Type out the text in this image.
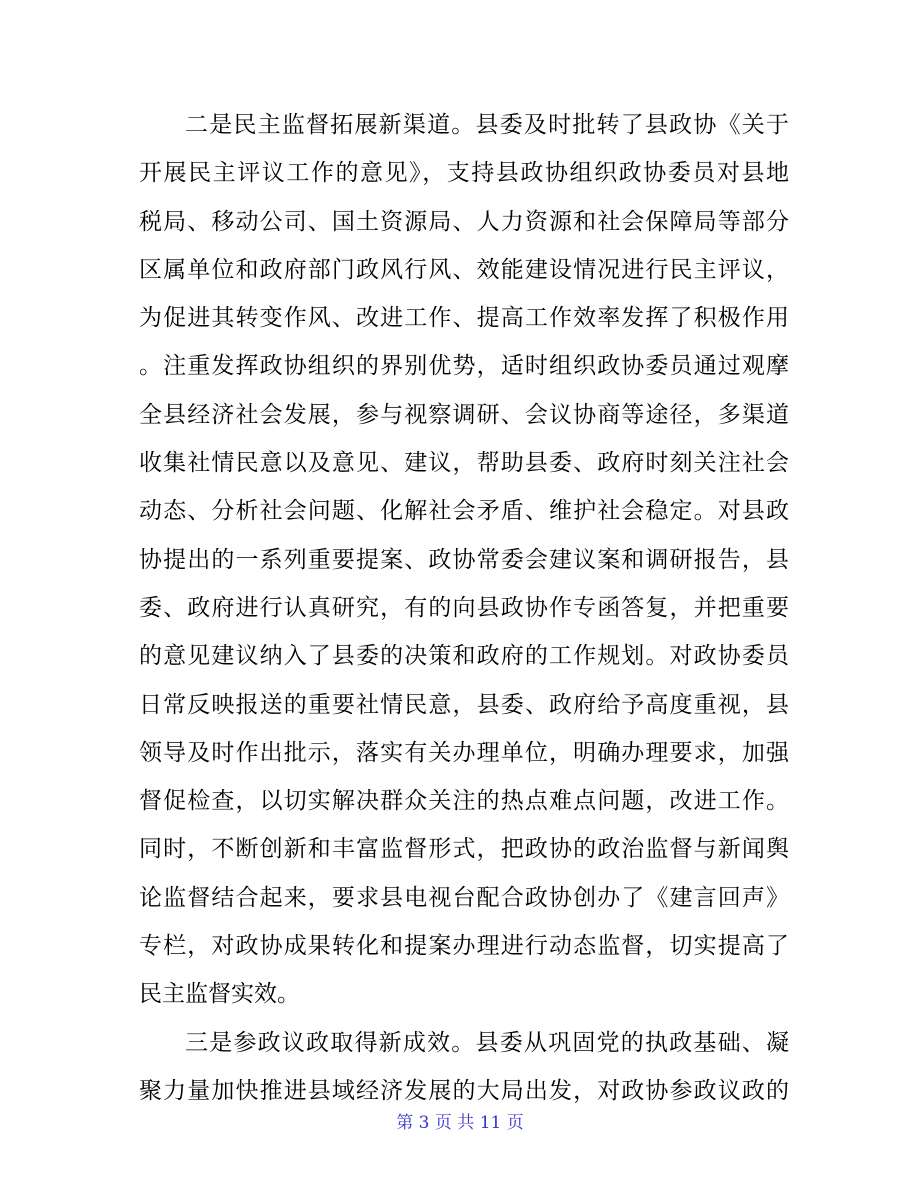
二是民主监督拓展新渠道。县委及时批转了县政协《关于
开展民主评议工作的意见》，支持县政协组织政协委员对县地
税局、移动公司、国土资源局、人力资源和社会保障局等部分
区属单位和政府部门政风行风、效能建设情况进行民主评议，
为促进其转变作风、改进工作、提高工作效率发挥了积极作用
。注重发挥政协组织的界别优势，适时组织政协委员通过观摩
全县经济社会发展，参与视察调研、会议协商等途径，多渠道
收集社情民意以及意见、建议，帮助县委、政府时刻关注社会
动态、分析社会问题、化解社会矛盾、维护社会稳定。对县政
协提出的一系列重要提案、政协常委会建议案和调研报告，县
委、政府进行认真研究，有的向县政协作专函答复，并把重要
的意见建议纳入了县委的决策和政府的工作规划。对政协委员
日常反映报送的重要社情民意，县委、政府给予高度重视，县
领导及时作出批示，落实有关办理单位，明确办理要求，加强
督促检查，以切实解决群众关注的热点难点问题，改进工作。
同时，不断创新和丰富监督形式，把政协的政治监督与新闻舆
论监督结合起来，要求县电视台配合政协创办了《建言回声》
专栏，对政协成果转化和提案办理进行动态监督，切实提高了
民主监督实效。
三是参政议政取得新成效。县委从巩固党的执政基础、凝
聚力量加快推进县域经济发展的大局出发，对政协参政议政的
第 3 页 共 11 页
